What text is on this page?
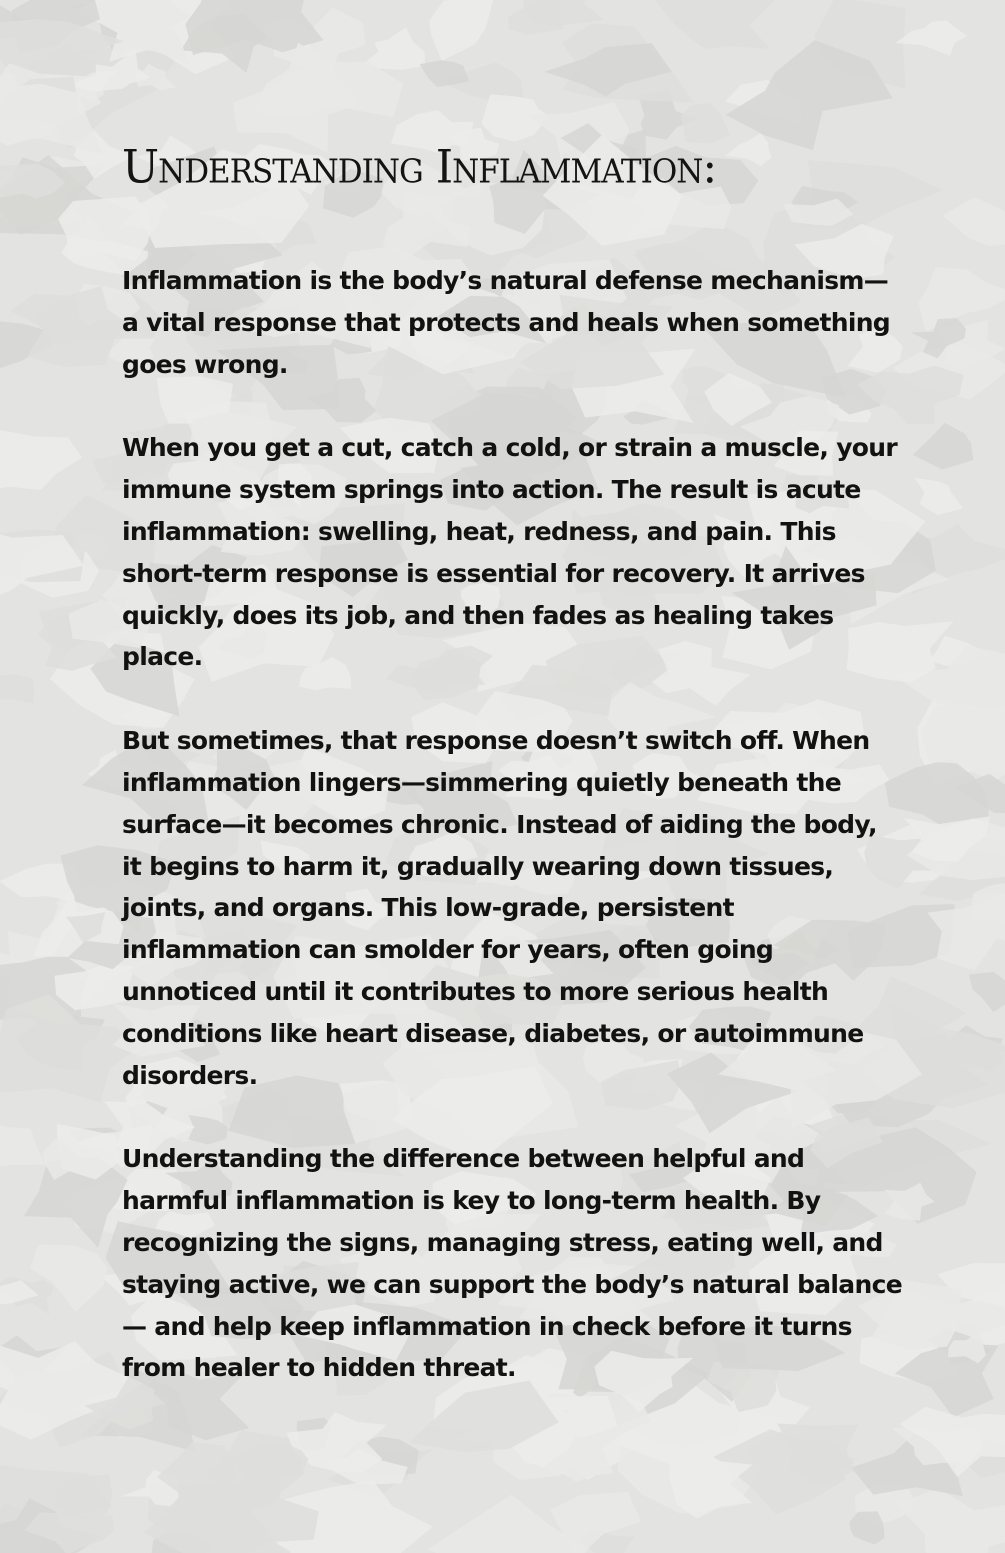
Understanding Inflammation:

Inflammation is the body’s natural defense mechanism—a vital response that protects and heals when something goes wrong.

When you get a cut, catch a cold, or strain a muscle, your immune system springs into action. The result is acute inflammation: swelling, heat, redness, and pain. This short-term response is essential for recovery. It arrives quickly, does its job, and then fades as healing takes place.

But sometimes, that response doesn’t switch off. When inflammation lingers—simmering quietly beneath the surface—it becomes chronic. Instead of aiding the body, it begins to harm it, gradually wearing down tissues, joints, and organs. This low-grade, persistent inflammation can smolder for years, often going unnoticed until it contributes to more serious health conditions like heart disease, diabetes, or autoimmune disorders.

Understanding the difference between helpful and harmful inflammation is key to long-term health. By recognizing the signs, managing stress, eating well, and staying active, we can support the body’s natural balance— and help keep inflammation in check before it turns from healer to hidden threat.
